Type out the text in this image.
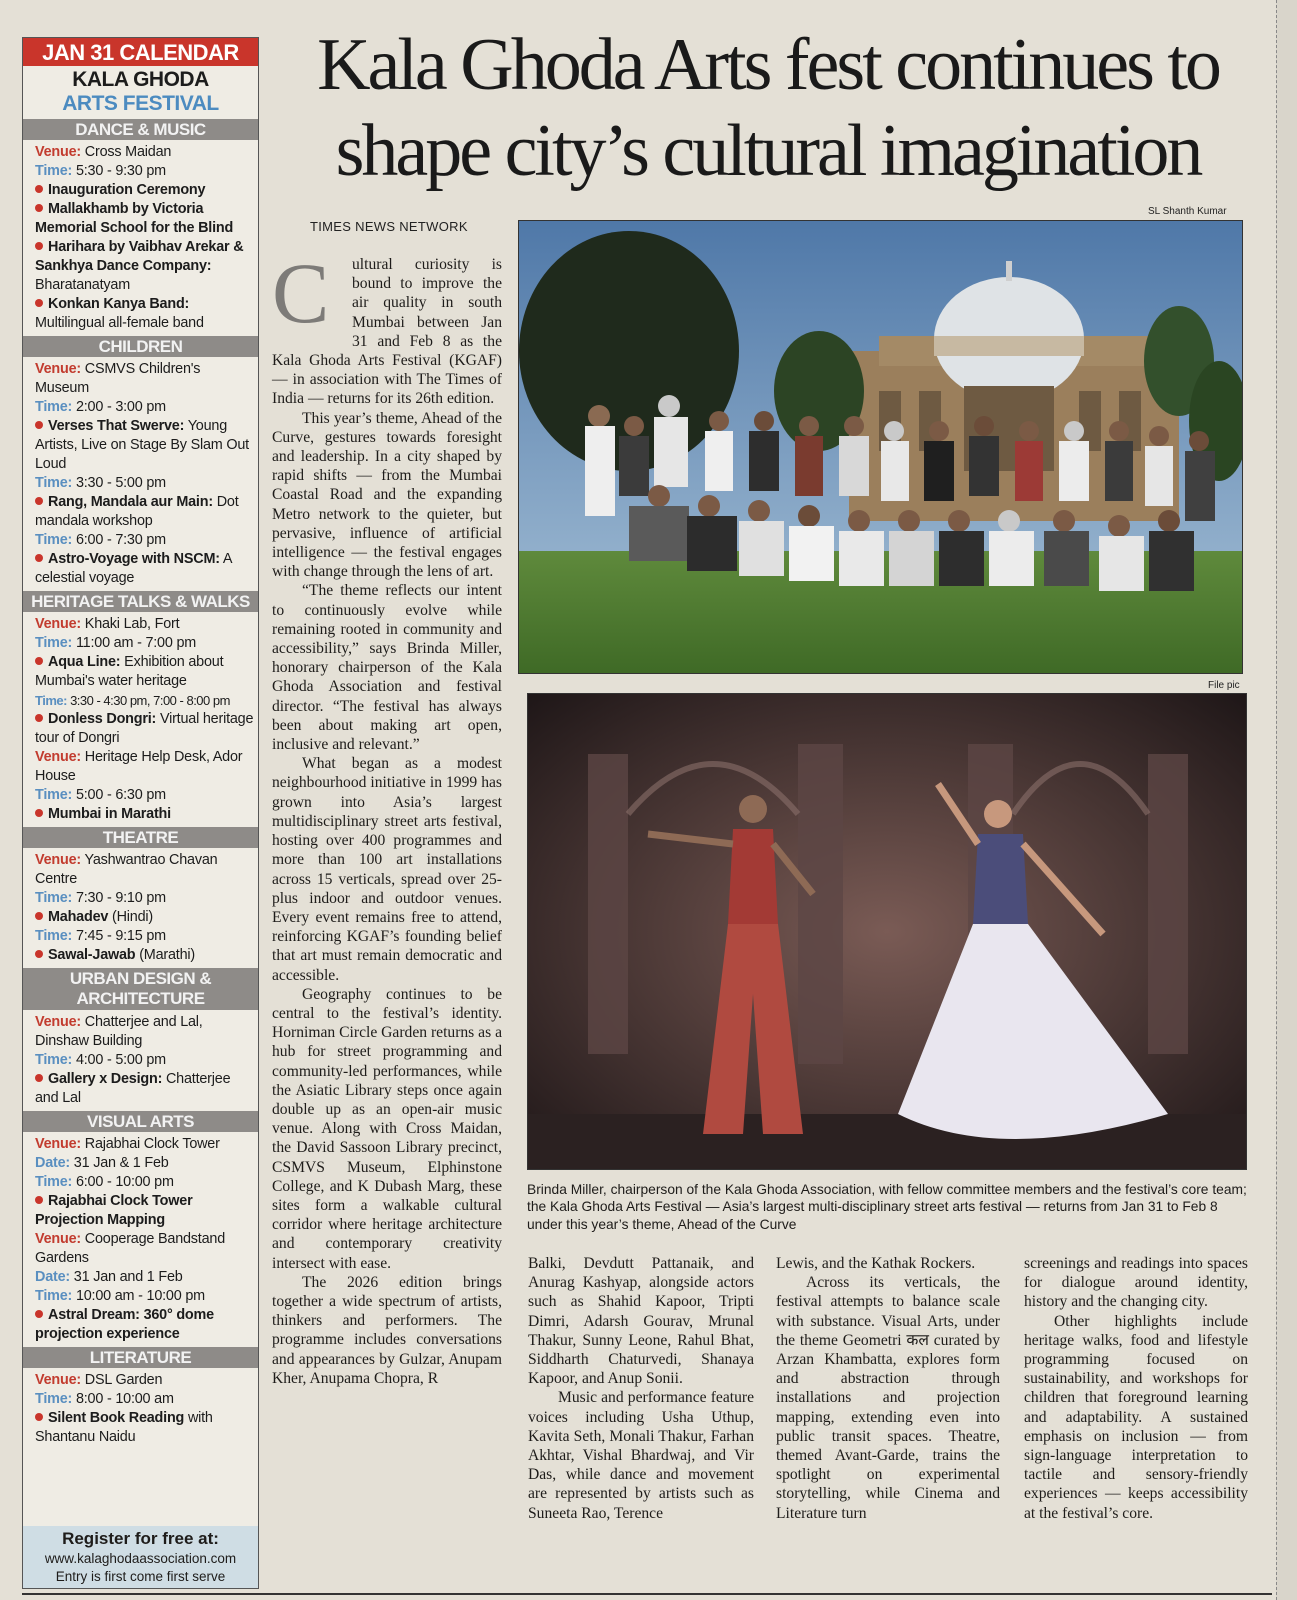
JAN 31 CALENDAR
KALA GHODA
ARTS FESTIVAL
DANCE & MUSIC
Venue: Cross Maidan
Time: 5:30 - 9:30 pm
Inauguration Ceremony
Mallakhamb by Victoria Memorial School for the Blind
Harihara by Vaibhav Arekar & Sankhya Dance Company: Bharatanatyam
Konkan Kanya Band: Multilingual all-female band
CHILDREN
Venue: CSMVS Children's Museum
Time: 2:00 - 3:00 pm
Verses That Swerve: Young Artists, Live on Stage By Slam Out Loud
Time: 3:30 - 5:00 pm
Rang, Mandala aur Main: Dot mandala workshop
Time: 6:00 - 7:30 pm
Astro-Voyage with NSCM: A celestial voyage
HERITAGE TALKS & WALKS
Venue: Khaki Lab, Fort
Time: 11:00 am - 7:00 pm
Aqua Line: Exhibition about Mumbai's water heritage
Time: 3:30 - 4:30 pm, 7:00 - 8:00 pm
Donless Dongri: Virtual heritage tour of Dongri
Venue: Heritage Help Desk, Ador House
Time: 5:00 - 6:30 pm
Mumbai in Marathi
THEATRE
Venue: Yashwantrao Chavan Centre
Time: 7:30 - 9:10 pm
Mahadev (Hindi)
Time: 7:45 - 9:15 pm
Sawal-Jawab (Marathi)
URBAN DESIGN &
ARCHITECTURE
Venue: Chatterjee and Lal, Dinshaw Building
Time: 4:00 - 5:00 pm
Gallery x Design: Chatterjee and Lal
VISUAL ARTS
Venue: Rajabhai Clock Tower
Date: 31 Jan & 1 Feb
Time: 6:00 - 10:00 pm
Rajabhai Clock Tower Projection Mapping
Venue: Cooperage Bandstand Gardens
Date: 31 Jan and 1 Feb
Time: 10:00 am - 10:00 pm
Astral Dream: 360° dome projection experience
LITERATURE
Venue: DSL Garden
Time: 8:00 - 10:00 am
Silent Book Reading with Shantanu Naidu
Register for free at:
www.kalaghodaassociation.com
Entry is first come first serve
Kala Ghoda Arts fest continues to
shape city’s cultural imagination
TIMES NEWS NETWORK
SL Shanth Kumar
File pic
Brinda Miller, chairperson of the Kala Ghoda Association, with fellow committee members and the festival’s core team; the Kala Ghoda Arts Festival — Asia’s largest multi-disciplinary street arts festival — returns from Jan 31 to Feb 8 under this year’s theme, Ahead of the Curve
C	ultural curiosity is bound to improve the air quality in south Mumbai between Jan 31 and Feb 8 as the Kala Ghoda Arts Festival (KGAF) — in association with The Times of India — returns for its 26th edition.

This year’s theme, Ahead of the Curve, gestures towards foresight and leadership. In a city shaped by rapid shifts — from the Mumbai Coastal Road and the expanding Metro network to the quieter, but pervasive, influence of artificial intelligence — the festival engages with change through the lens of art.

“The theme reflects our intent to continuously evolve while remaining rooted in community and accessibility,” says Brinda Miller, honorary chairperson of the Kala Ghoda Association and festival director. “The festival has always been about making art open, inclusive and relevant.”

What began as a modest neighbourhood initiative in 1999 has grown into Asia’s largest multidisciplinary street arts festival, hosting over 400 programmes and more than 100 art installations across 15 verticals, spread over 25-plus indoor and outdoor venues. Every event remains free to attend, reinforcing KGAF’s founding belief that art must remain democratic and accessible.

Geography continues to be central to the festival’s identity. Horniman Circle Garden returns as a hub for street programming and community-led performances, while the Asiatic Library steps once again double up as an open-air music venue. Along with Cross Maidan, the David Sassoon Library precinct, CSMVS Museum, Elphinstone College, and K Dubash Marg, these sites form a walkable cultural corridor where heritage architecture and contemporary creativity intersect with ease.

The 2026 edition brings together a wide spectrum of artists, thinkers and performers. The programme includes conversations and appearances by Gulzar, Anupam Kher, Anupama Chopra, R

Balki, Devdutt Pattanaik, and Anurag Kashyap, alongside actors such as Shahid Kapoor, Tripti Dimri, Adarsh Gourav, Mrunal Thakur, Sunny Leone, Rahul Bhat, Siddharth Chaturvedi, Shanaya Kapoor, and Anup Sonii.

Music and performance feature voices including Usha Uthup, Kavita Seth, Monali Thakur, Farhan Akhtar, Vishal Bhardwaj, and Vir Das, while dance and movement are represented by artists such as Suneeta Rao, Terence

Lewis, and the Kathak Rockers.

Across its verticals, the festival attempts to balance scale with substance. Visual Arts, under the theme Geometri कल curated by Arzan Khambatta, explores form and abstraction through installations and projection mapping, extending even into public transit spaces. Theatre, themed Avant-Garde, trains the spotlight on experimental storytelling, while Cinema and Literature turn

screenings and readings into spaces for dialogue around identity, history and the changing city.

Other highlights include heritage walks, food and lifestyle programming focused on sustainability, and workshops for children that foreground learning and adaptability. A sustained emphasis on inclusion — from sign-language interpretation to tactile and sensory-friendly experiences — keeps accessibility at the festival’s core.
